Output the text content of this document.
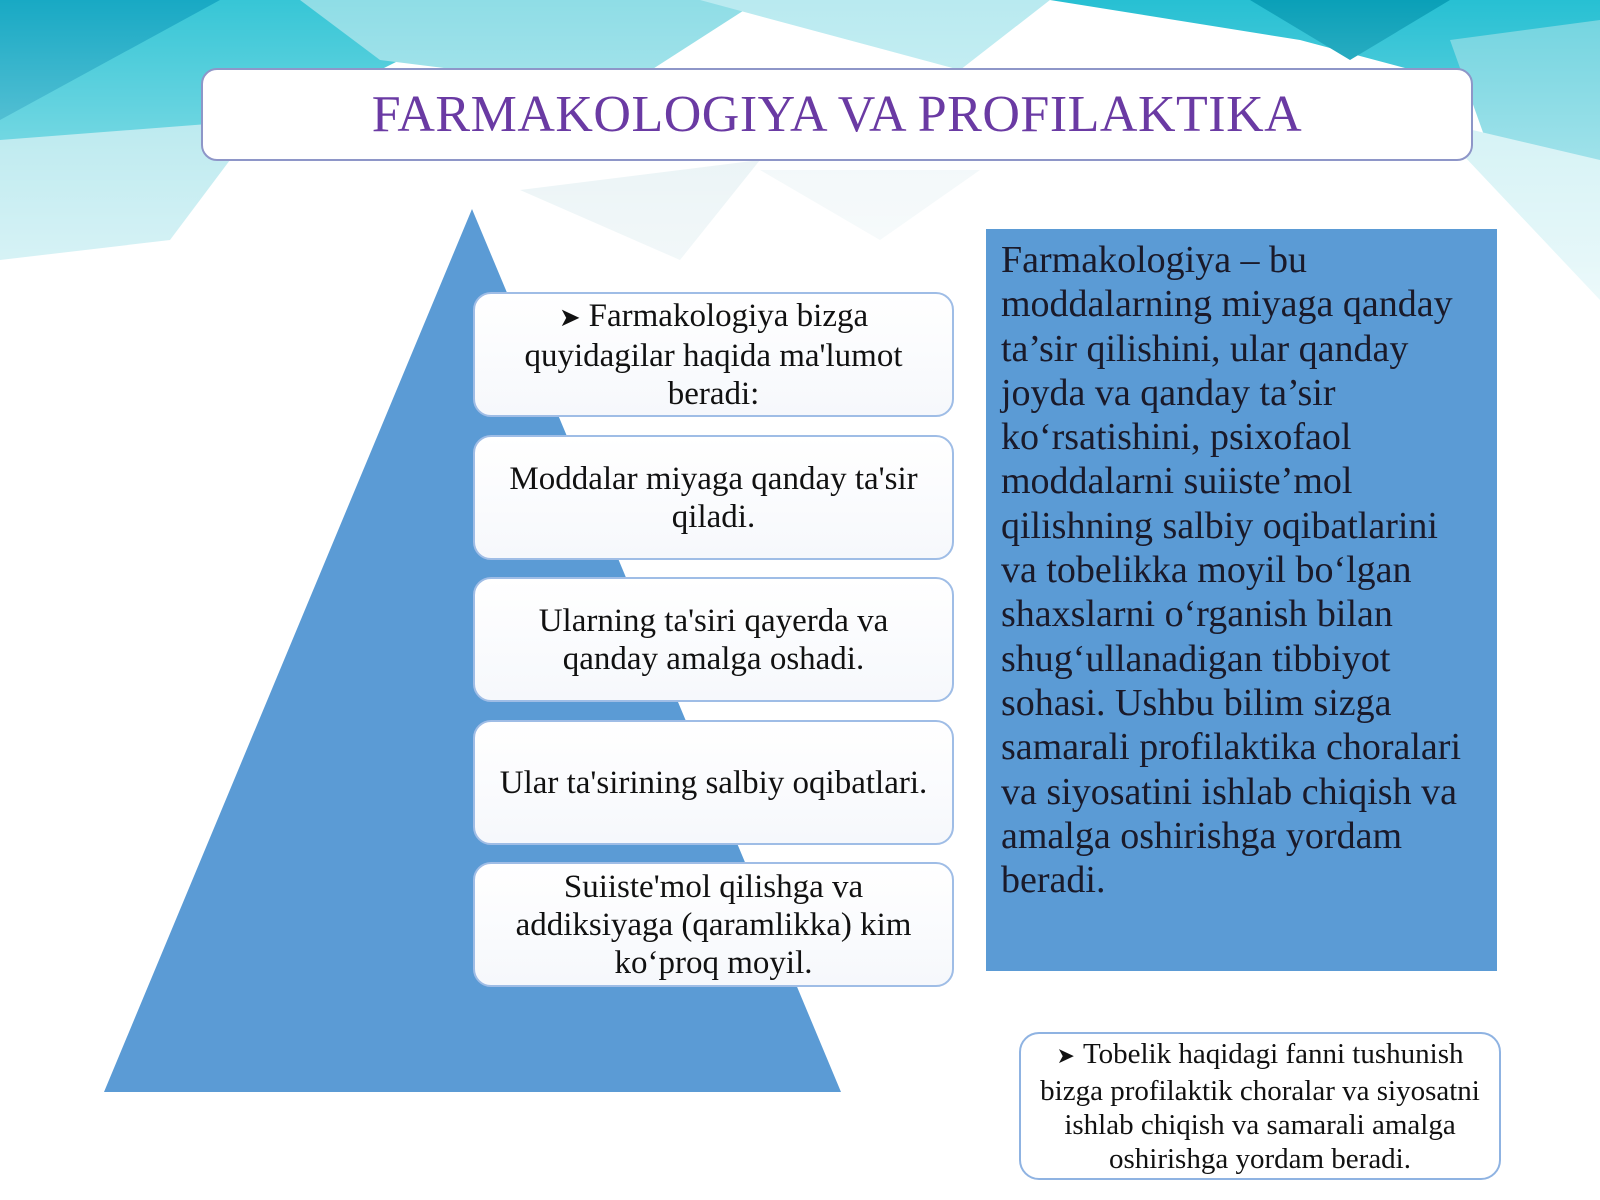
FARMAKOLOGIYA VA PROFILAKTIKA
➤ Farmakologiya bizga quyidagilar haqida ma'lumot beradi:
Moddalar miyaga qanday ta'sir qiladi.
Ularning ta'siri qayerda va qanday amalga oshadi.
Ular ta'sirining salbiy oqibatlari.
Suiiste'mol qilishga va addiksiyaga (qaramlikka) kim ko‘proq moyil.
Farmakologiya – bu moddalarning miyaga qanday ta’sir qilishini, ular qanday joyda va qanday ta’sir ko‘rsatishini, psixofaol moddalarni suiiste’mol qilishning salbiy oqibatlarini va tobelikka moyil bo‘lgan shaxslarni o‘rganish bilan shug‘ullanadigan tibbiyot sohasi. Ushbu bilim sizga samarali profilaktika choralari va siyosatini ishlab chiqish va amalga oshirishga yordam beradi.
➤ Tobelik haqidagi fanni tushunish bizga profilaktik choralar va siyosatni ishlab chiqish va samarali amalga oshirishga yordam beradi.
